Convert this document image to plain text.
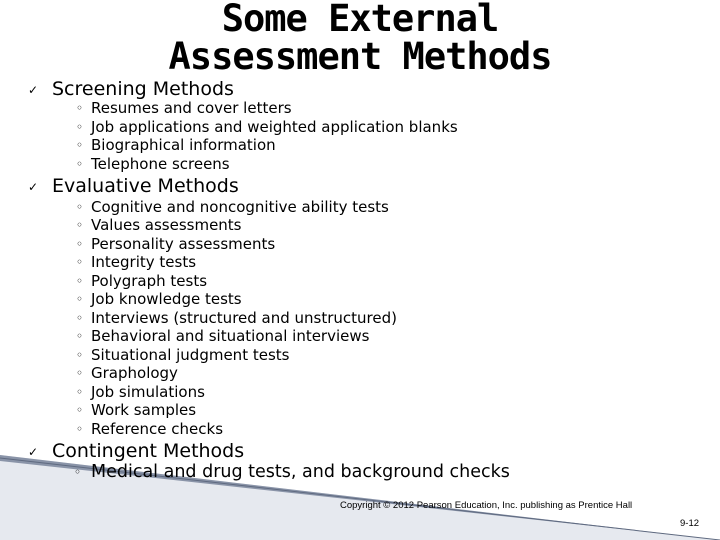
Some External
Assessment Methods
✓ Screening Methods
◦ Resumes and cover letters
◦ Job applications and weighted application blanks
◦ Biographical information
◦ Telephone screens
✓ Evaluative Methods
◦ Cognitive and noncognitive ability tests
◦ Values assessments
◦ Personality assessments
◦ Integrity tests
◦ Polygraph tests
◦ Job knowledge tests
◦ Interviews (structured and unstructured)
◦ Behavioral and situational interviews
◦ Situational judgment tests
◦ Graphology
◦ Job simulations
◦ Work samples
◦ Reference checks
✓ Contingent Methods
◦ Medical and drug tests, and background checks
Copyright © 2012 Pearson Education, Inc. publishing as Prentice Hall
9-12
